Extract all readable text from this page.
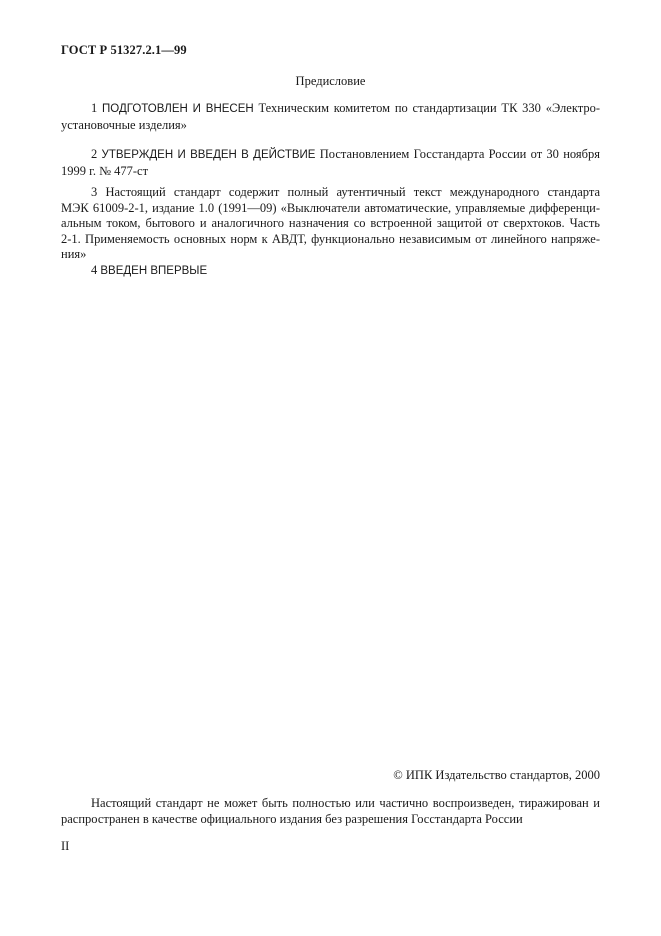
ГОСТ Р 51327.2.1—99
Предисловие
1 ПОДГОТОВЛЕН И ВНЕСЕН Техническим комитетом по стандартизации ТК 330 «Электро-
установочные изделия»
2 УТВЕРЖДЕН И ВВЕДЕН В ДЕЙСТВИЕ Постановлением Госстандарта России от 30 ноября
1999 г. № 477-ст
3 Настоящий стандарт содержит полный аутентичный текст международного стандарта
МЭК 61009-2-1, издание 1.0 (1991—09) «Выключатели автоматические, управляемые дифференци-
альным током, бытового и аналогичного назначения со встроенной защитой от сверхтоков. Часть
2-1. Применяемость основных норм к АВДТ, функционально независимым от линейного напряже-
ния»
4 ВВЕДЕН ВПЕРВЫЕ
© ИПК Издательство стандартов, 2000
Настоящий стандарт не может быть полностью или частично воспроизведен, тиражирован и
распространен в качестве официального издания без разрешения Госстандарта России
II
